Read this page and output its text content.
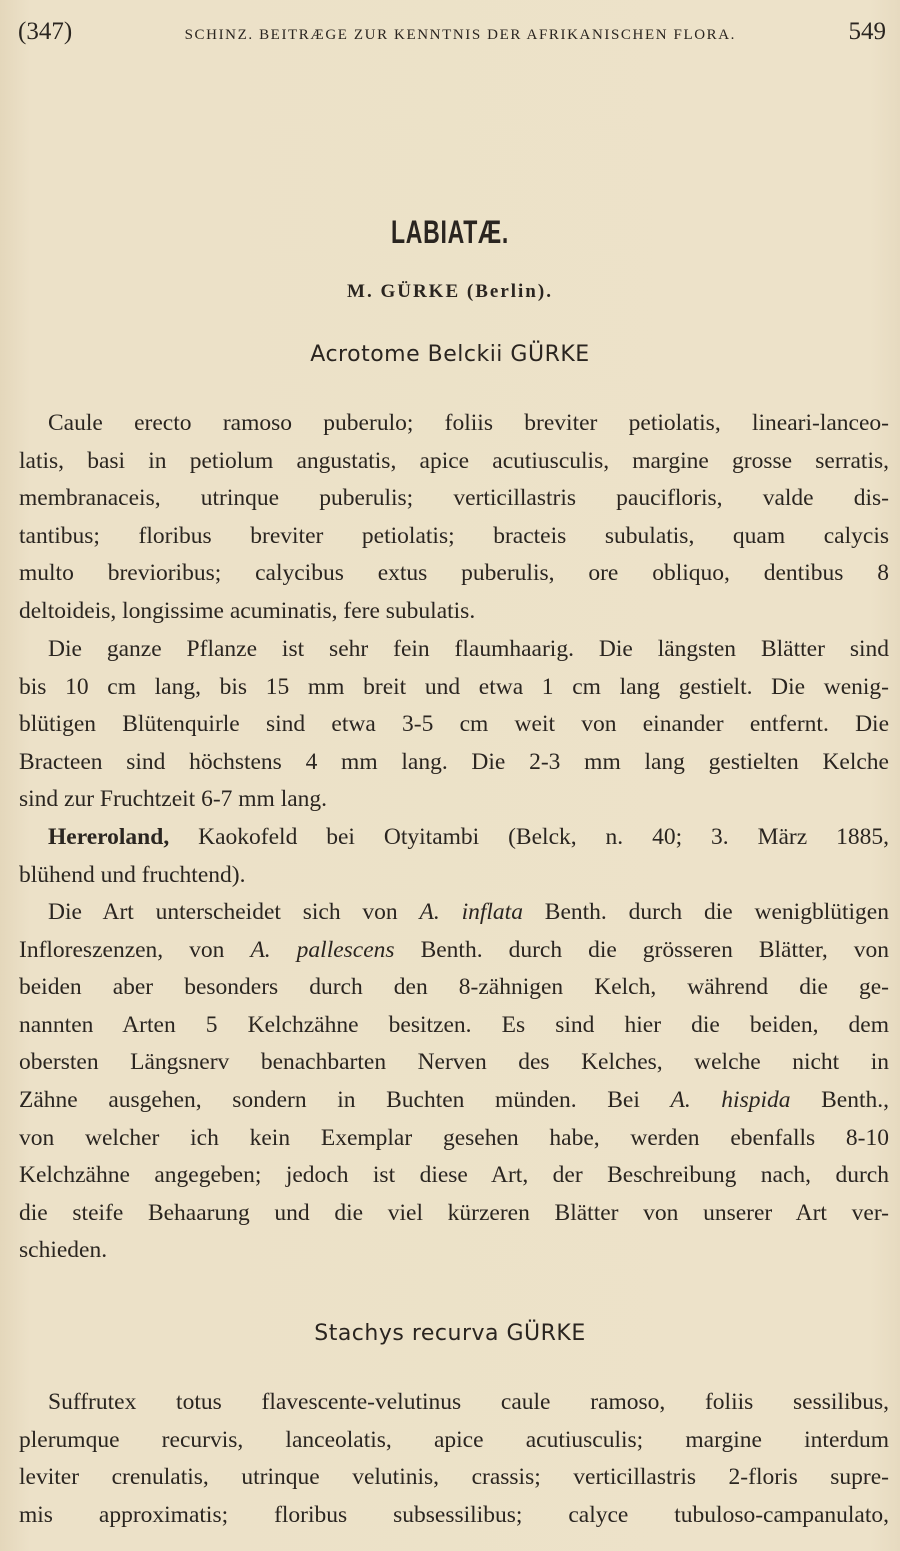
(347)	SCHINZ. BEITRÆGE ZUR KENNTNIS DER AFRIKANISCHEN FLORA.	549
LABIATÆ.
M. GÜRKE (Berlin).
Acrotome Belckii GÜRKE
Caule erecto ramoso puberulo; foliis breviter petiolatis, lineari-lanceo-
latis, basi in petiolum angustatis, apice acutiusculis, margine grosse serratis,
membranaceis, utrinque puberulis; verticillastris paucifloris, valde dis-
tantibus; floribus breviter petiolatis; bracteis subulatis, quam calycis
multo brevioribus; calycibus extus puberulis, ore obliquo, dentibus 8
deltoideis, longissime acuminatis, fere subulatis.
Die ganze Pflanze ist sehr fein flaumhaarig. Die längsten Blätter sind
bis 10 cm lang, bis 15 mm breit und etwa 1 cm lang gestielt. Die wenig-
blütigen Blütenquirle sind etwa 3-5 cm weit von einander entfernt. Die
Bracteen sind höchstens 4 mm lang. Die 2-3 mm lang gestielten Kelche
sind zur Fruchtzeit 6-7 mm lang.
Hereroland, Kaokofeld bei Otyitambi (Belck, n. 40; 3. März 1885,
blühend und fruchtend).
Die Art unterscheidet sich von A. inflata Benth. durch die wenigblütigen
Infloreszenzen, von A. pallescens Benth. durch die grösseren Blätter, von
beiden aber besonders durch den 8-zähnigen Kelch, während die ge-
nannten Arten 5 Kelchzähne besitzen. Es sind hier die beiden, dem
obersten Längsnerv benachbarten Nerven des Kelches, welche nicht in
Zähne ausgehen, sondern in Buchten münden. Bei A. hispida Benth.,
von welcher ich kein Exemplar gesehen habe, werden ebenfalls 8-10
Kelchzähne angegeben; jedoch ist diese Art, der Beschreibung nach, durch
die steife Behaarung und die viel kürzeren Blätter von unserer Art ver-
schieden.
Stachys recurva GÜRKE
Suffrutex totus flavescente-velutinus caule ramoso, foliis sessilibus,
plerumque recurvis, lanceolatis, apice acutiusculis; margine interdum
leviter crenulatis, utrinque velutinis, crassis; verticillastris 2-floris supre-
mis approximatis; floribus subsessilibus; calyce tubuloso-campanulato,
